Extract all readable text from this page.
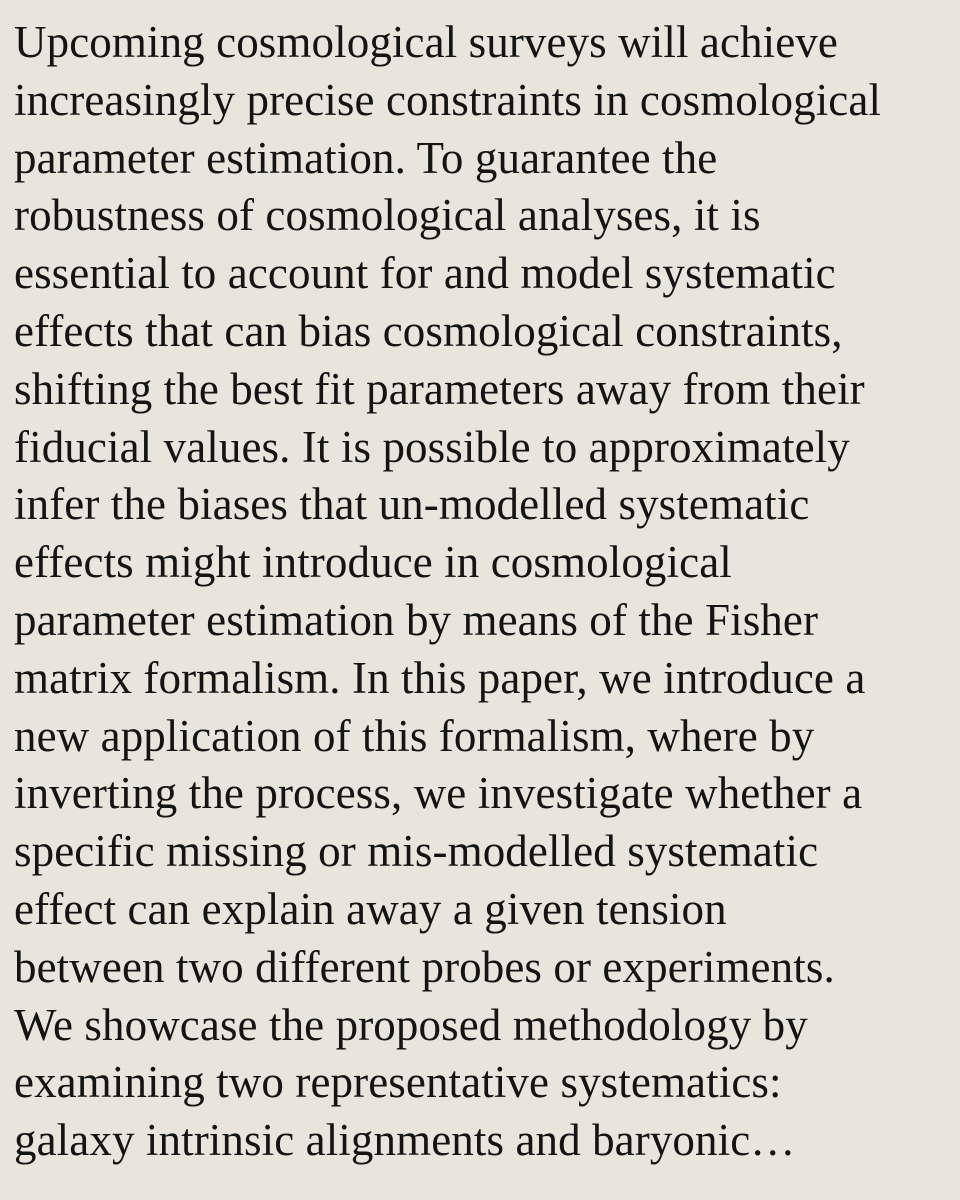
Upcoming cosmological surveys will achieve
increasingly precise constraints in cosmological
parameter estimation. To guarantee the
robustness of cosmological analyses, it is
essential to account for and model systematic
effects that can bias cosmological constraints,
shifting the best fit parameters away from their
fiducial values. It is possible to approximately
infer the biases that un-modelled systematic
effects might introduce in cosmological
parameter estimation by means of the Fisher
matrix formalism. In this paper, we introduce a
new application of this formalism, where by
inverting the process, we investigate whether a
specific missing or mis-modelled systematic
effect can explain away a given tension
between two different probes or experiments.
We showcase the proposed methodology by
examining two representative systematics:
galaxy intrinsic alignments and baryonic…
